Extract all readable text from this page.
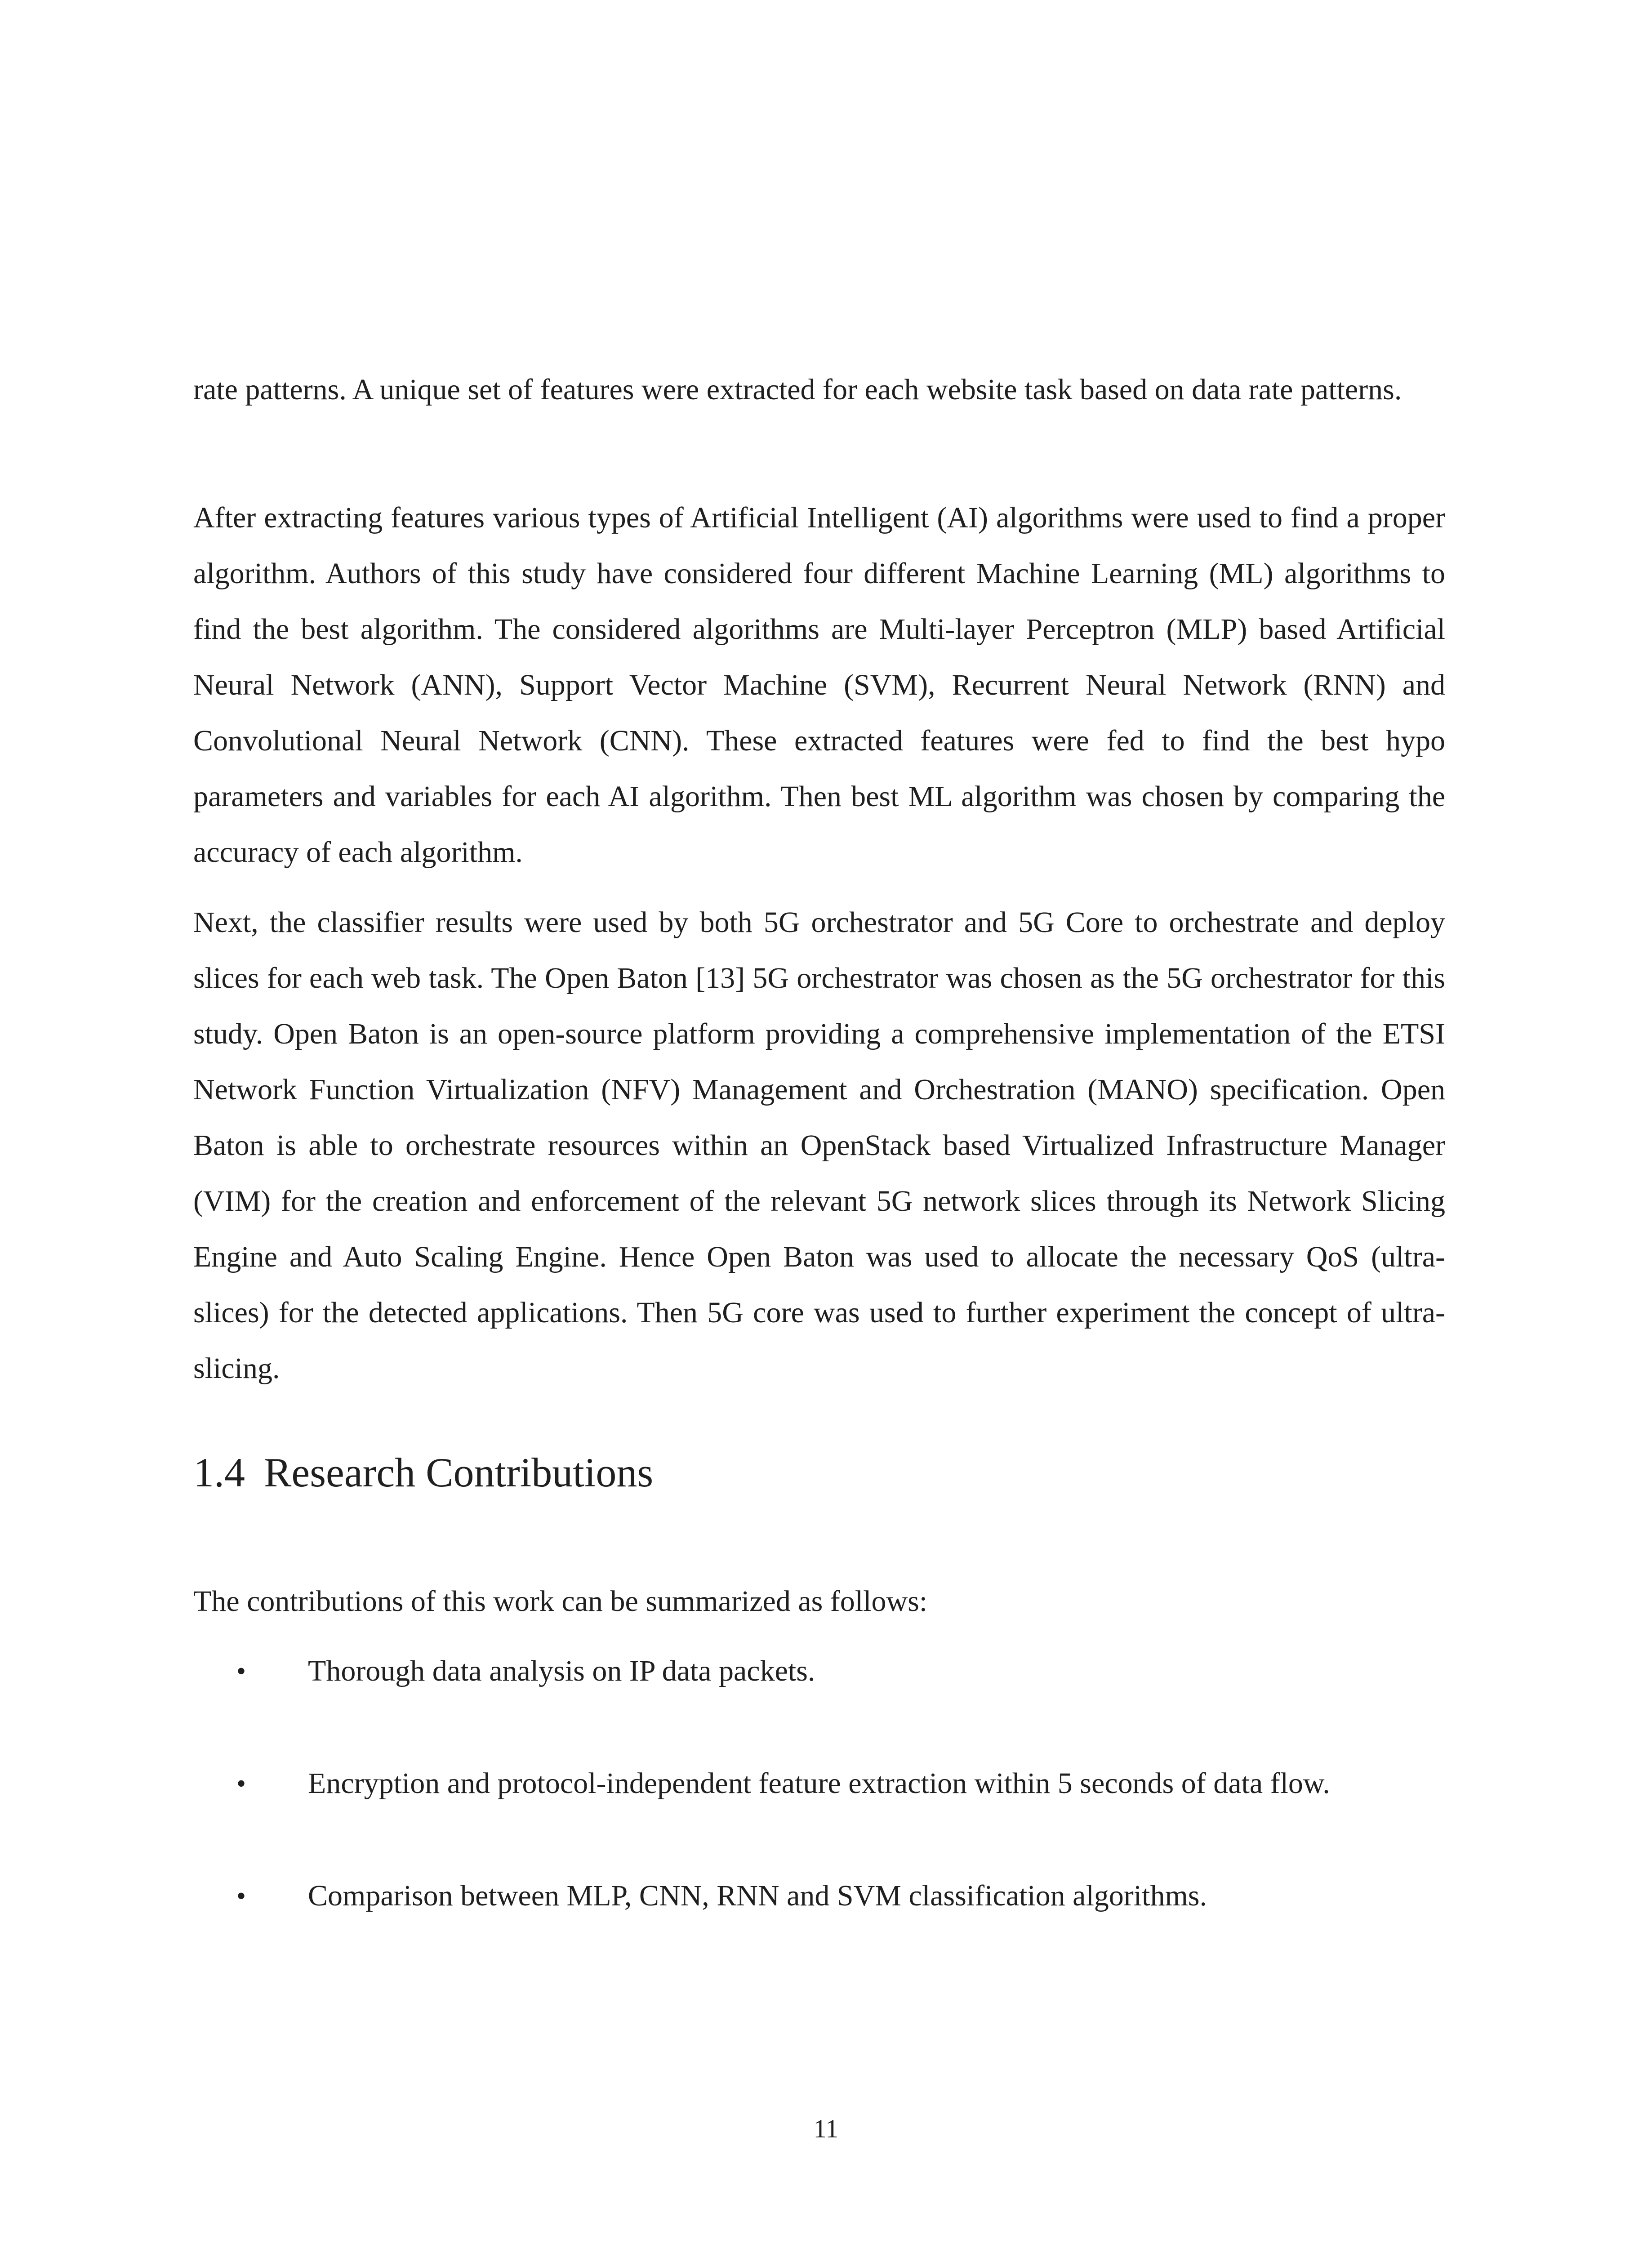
rate patterns. A unique set of features were extracted for each website task based on data rate patterns.

After extracting features various types of Artificial Intelligent (AI) algorithms were used to find a proper algorithm. Authors of this study have considered four different Machine Learning (ML) algorithms to find the best algorithm. The considered algorithms are Multi-layer Perceptron (MLP) based Artificial Neural Network (ANN), Support Vector Machine (SVM), Recurrent Neural Network (RNN) and Convolutional Neural Network (CNN). These extracted features were fed to find the best hypo parameters and variables for each AI algorithm. Then best ML algorithm was chosen by comparing the accuracy of each algorithm.

Next, the classifier results were used by both 5G orchestrator and 5G Core to orchestrate and deploy slices for each web task. The Open Baton [13] 5G orchestrator was chosen as the 5G orchestrator for this study. Open Baton is an open-source platform providing a comprehensive implementation of the ETSI Network Function Virtualization (NFV) Management and Orchestration (MANO) specification. Open Baton is able to orchestrate resources within an OpenStack based Virtualized Infrastructure Manager (VIM) for the creation and enforcement of the relevant 5G network slices through its Network Slicing Engine and Auto Scaling Engine. Hence Open Baton was used to allocate the necessary QoS (ultra-slices) for the detected applications. Then 5G core was used to further experiment the concept of ultra-slicing.

1.4 Research Contributions

The contributions of this work can be summarized as follows:

• Thorough data analysis on IP data packets.
• Encryption and protocol-independent feature extraction within 5 seconds of data flow.
• Comparison between MLP, CNN, RNN and SVM classification algorithms.
11
